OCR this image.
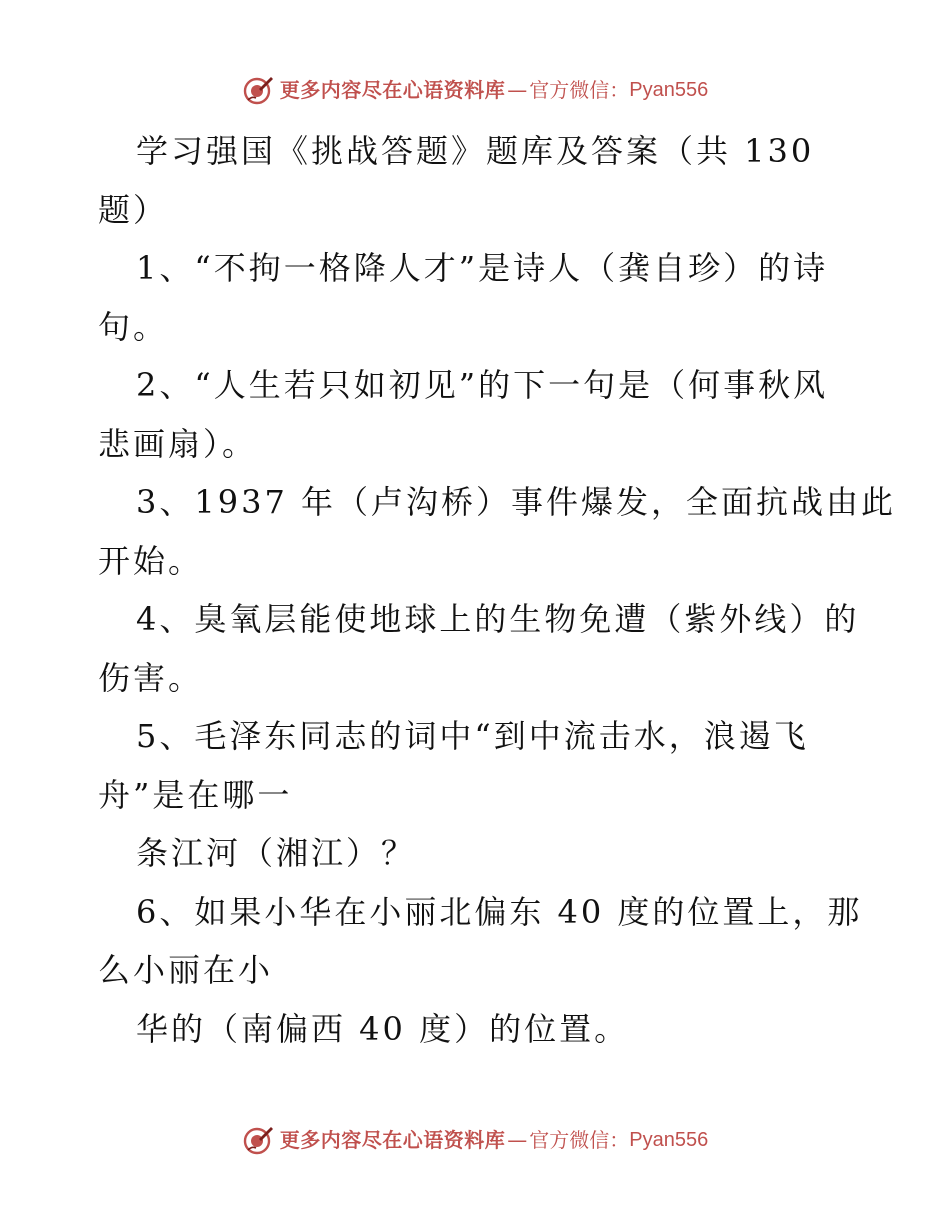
更多内容尽在心语资料库 — 官方微信： Pyan556
学习强国《挑战答题》题库及答案（共 130
题）
1、“不拘一格降人才”是诗人（龚自珍）的诗
句。
2、“人生若只如初见”的下一句是（何事秋风
悲画扇）。
3、1937 年（卢沟桥）事件爆发，全面抗战由此
开始。
4、臭氧层能使地球上的生物免遭（紫外线）的
伤害。
5、毛泽东同志的词中“到中流击水，浪遏飞
舟”是在哪一
条江河（湘江）？
6、如果小华在小丽北偏东 40 度的位置上，那
么小丽在小
华的（南偏西 40 度）的位置。
更多内容尽在心语资料库 — 官方微信： Pyan556
